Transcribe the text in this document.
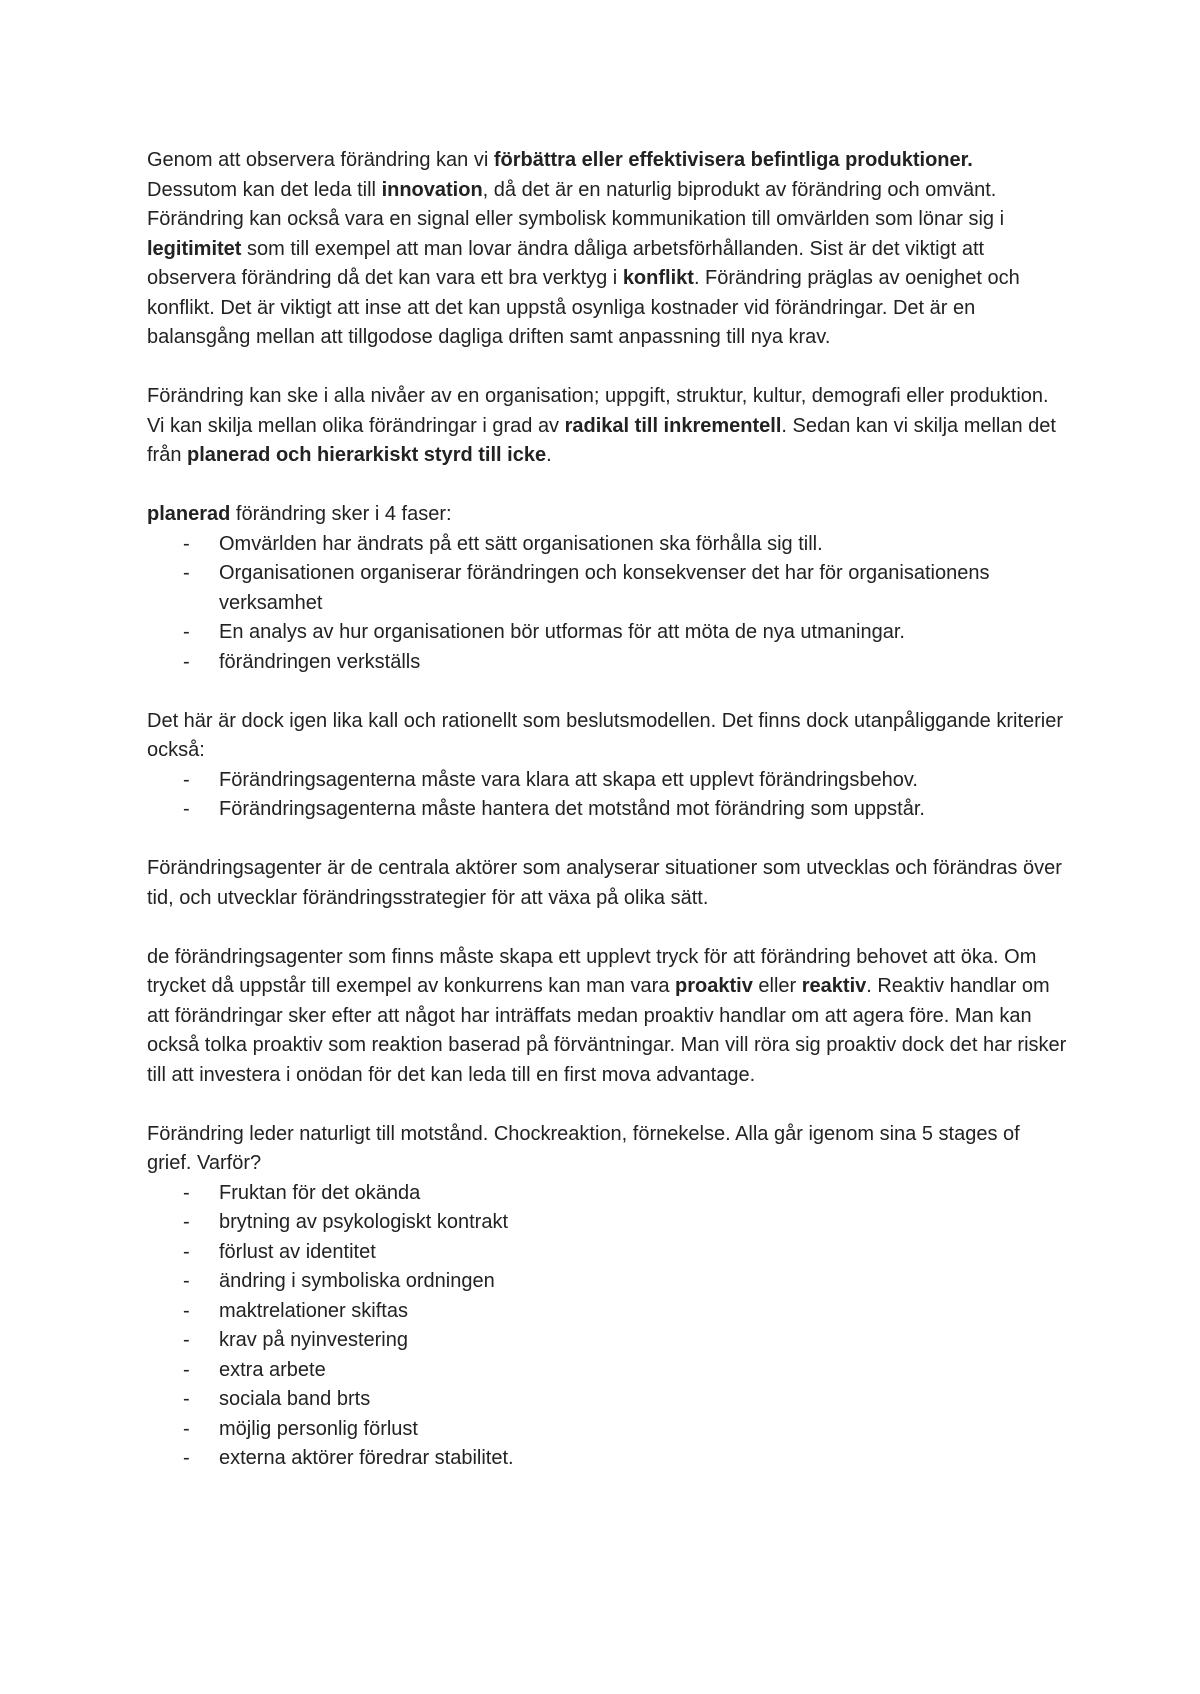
Genom att observera förändring kan vi förbättra eller effektivisera befintliga produktioner. Dessutom kan det leda till innovation, då det är en naturlig biprodukt av förändring och omvänt. Förändring kan också vara en signal eller symbolisk kommunikation till omvärlden som lönar sig i legitimitet som till exempel att man lovar ändra dåliga arbetsförhållanden. Sist är det viktigt att observera förändring då det kan vara ett bra verktyg i konflikt. Förändring präglas av oenighet och konflikt. Det är viktigt att inse att det kan uppstå osynliga kostnader vid förändringar. Det är en balansgång mellan att tillgodose dagliga driften samt anpassning till nya krav.

Förändring kan ske i alla nivåer av en organisation; uppgift, struktur, kultur, demografi eller produktion. Vi kan skilja mellan olika förändringar i grad av radikal till inkrementell. Sedan kan vi skilja mellan det från planerad och hierarkiskt styrd till icke.

planerad förändring sker i 4 faser:

- Omvärlden har ändrats på ett sätt organisationen ska förhålla sig till.
- Organisationen organiserar förändringen och konsekvenser det har för organisationens verksamhet
- En analys av hur organisationen bör utformas för att möta de nya utmaningar.
- förändringen verkställs

Det här är dock igen lika kall och rationellt som beslutsmodellen. Det finns dock utanpåliggande kriterier också:

- Förändringsagenterna måste vara klara att skapa ett upplevt förändringsbehov.
- Förändringsagenterna måste hantera det motstånd mot förändring som uppstår.

Förändringsagenter är de centrala aktörer som analyserar situationer som utvecklas och förändras över tid, och utvecklar förändringsstrategier för att växa på olika sätt.

de förändringsagenter som finns måste skapa ett upplevt tryck för att förändring behovet att öka. Om trycket då uppstår till exempel av konkurrens kan man vara proaktiv eller reaktiv. Reaktiv handlar om att förändringar sker efter att något har inträffats medan proaktiv handlar om att agera före. Man kan också tolka proaktiv som reaktion baserad på förväntningar. Man vill röra sig proaktiv dock det har risker till att investera i onödan för det kan leda till en first mova advantage.

Förändring leder naturligt till motstånd. Chockreaktion, förnekelse. Alla går igenom sina 5 stages of grief. Varför?

- Fruktan för det okända
- brytning av psykologiskt kontrakt
- förlust av identitet
- ändring i symboliska ordningen
- maktrelationer skiftas
- krav på nyinvestering
- extra arbete
- sociala band brts
- möjlig personlig förlust
- externa aktörer föredrar stabilitet.
